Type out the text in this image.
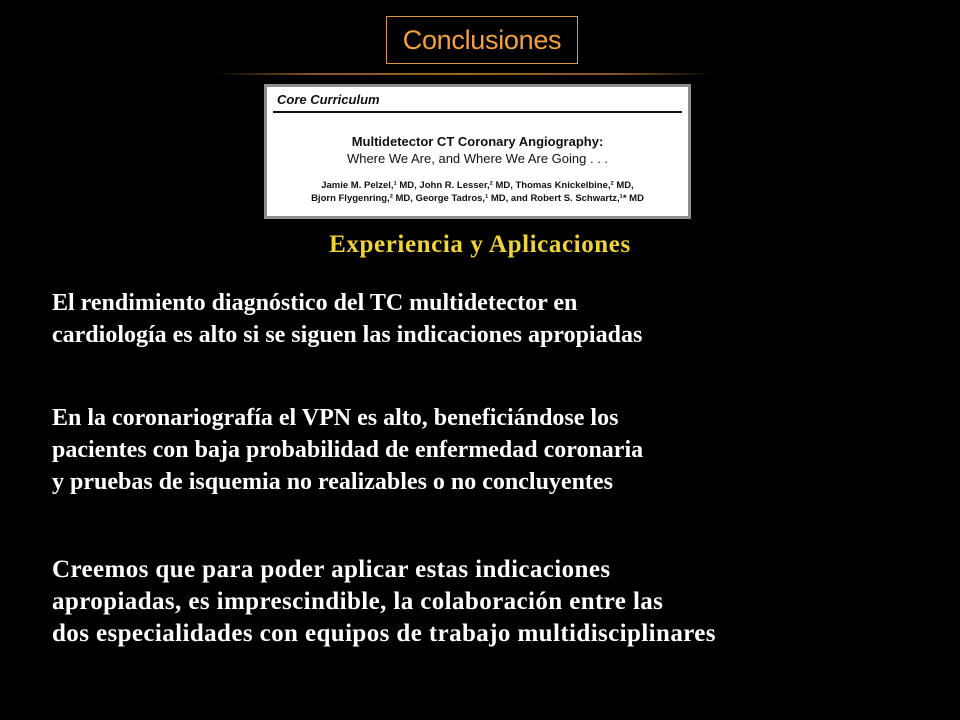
Conclusiones
Core Curriculum
Multidetector CT Coronary Angiography:
Where We Are, and Where We Are Going . . .
Jamie M. Pelzel,¹ MD, John R. Lesser,² MD, Thomas Knickelbine,² MD,
Bjorn Flygenring,² MD, George Tadros,¹ MD, and Robert S. Schwartz,¹* MD
Experiencia y Aplicaciones

El rendimiento diagnóstico del TC multidetector en
cardiología es alto si se siguen las indicaciones apropiadas

En la coronariografía el VPN es alto, beneficiándose los
pacientes con baja probabilidad de enfermedad coronaria
y pruebas de isquemia no realizables o no concluyentes

Creemos que para poder aplicar estas indicaciones
apropiadas, es imprescindible, la colaboración entre las
dos especialidades con equipos de trabajo multidisciplinares
